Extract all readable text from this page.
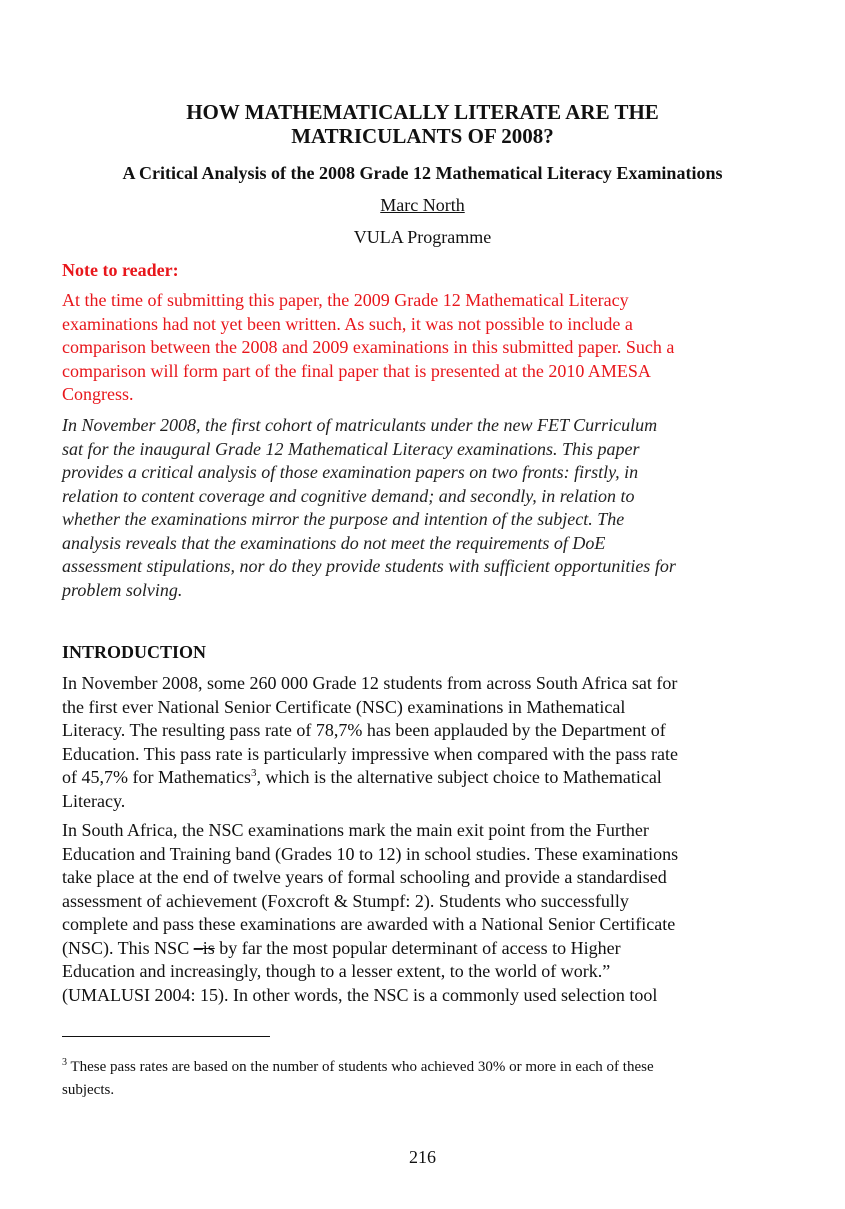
HOW MATHEMATICALLY LITERATE ARE THE
MATRICULANTS OF 2008?
A Critical Analysis of the 2008 Grade 12 Mathematical Literacy Examinations
Marc North
VULA Programme
Note to reader:
At the time of submitting this paper, the 2009 Grade 12 Mathematical Literacy
examinations had not yet been written. As such, it was not possible to include a
comparison between the 2008 and 2009 examinations in this submitted paper. Such a
comparison will form part of the final paper that is presented at the 2010 AMESA
Congress.
In November 2008, the first cohort of matriculants under the new FET Curriculum
sat for the inaugural Grade 12 Mathematical Literacy examinations. This paper
provides a critical analysis of those examination papers on two fronts: firstly, in
relation to content coverage and cognitive demand; and secondly, in relation to
whether the examinations mirror the purpose and intention of the subject. The
analysis reveals that the examinations do not meet the requirements of DoE
assessment stipulations, nor do they provide students with sufficient opportunities for
problem solving.
INTRODUCTION
In November 2008, some 260 000 Grade 12 students from across South Africa sat for
the first ever National Senior Certificate (NSC) examinations in Mathematical
Literacy. The resulting pass rate of 78,7% has been applauded by the Department of
Education. This pass rate is particularly impressive when compared with the pass rate
of 45,7% for Mathematics$^3$, which is the alternative subject choice to Mathematical
Literacy.
In South Africa, the NSC examinations mark the main exit point from the Further
Education and Training band (Grades 10 to 12) in school studies. These examinations
take place at the end of twelve years of formal schooling and provide a standardised
assessment of achievement (Foxcroft & Stumpf: 2). Students who successfully
complete and pass these examinations are awarded with a National Senior Certificate
(NSC). This NSC –is by far the most popular determinant of access to Higher
Education and increasingly, though to a lesser extent, to the world of work.”
(UMALUSI 2004: 15). In other words, the NSC is a commonly used selection tool
$^3$ These pass rates are based on the number of students who achieved 30% or more in each of these
subjects.
216
